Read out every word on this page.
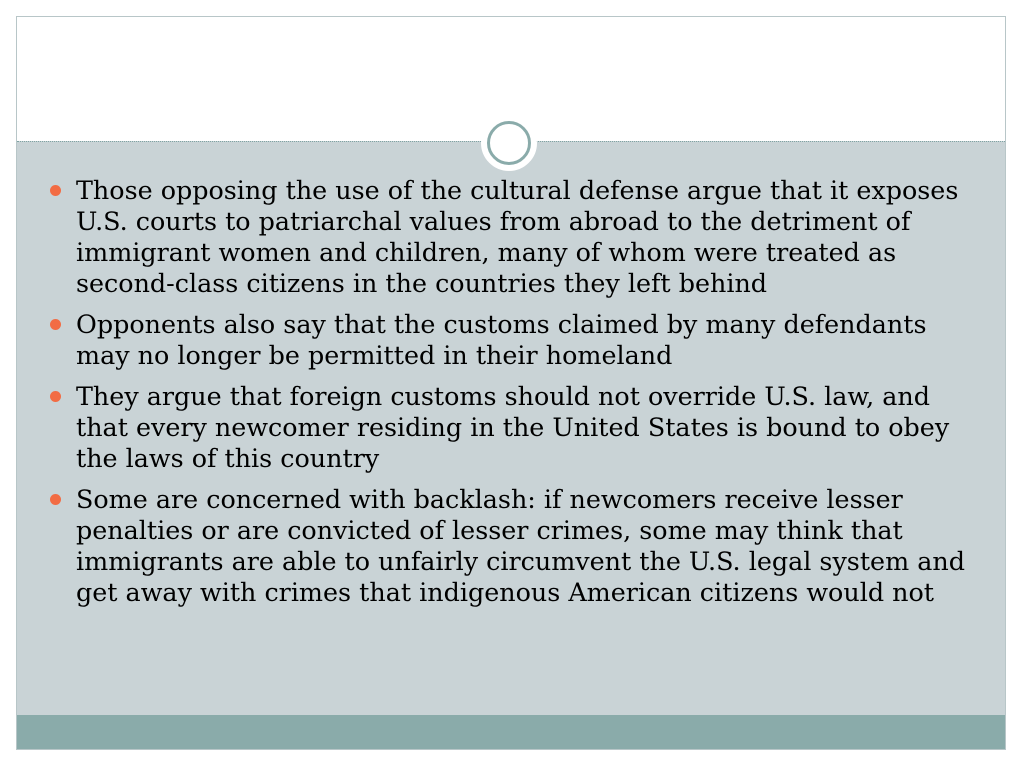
Those opposing the use of the cultural defense argue that it exposes U.S. courts to patriarchal values from abroad to the detriment of immigrant women and children, many of whom were treated as second-class citizens in the countries they left behind
Opponents also say that the customs claimed by many defendants may no longer be permitted in their homeland
They argue that foreign customs should not override U.S. law, and that every newcomer residing in the United States is bound to obey the laws of this country
Some are concerned with backlash: if newcomers receive lesser penalties or are convicted of lesser crimes, some may think that immigrants are able to unfairly circumvent the U.S. legal system and get away with crimes that indigenous American citizens would not
